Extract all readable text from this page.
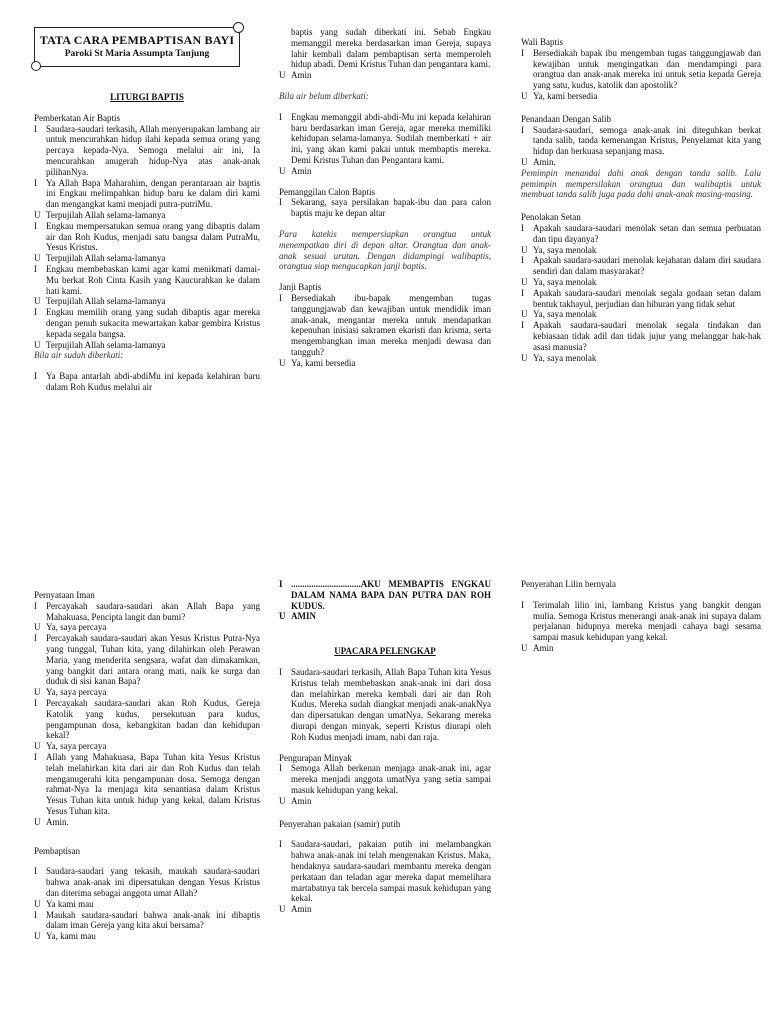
TATA CARA PEMBAPTISAN BAYI
Paroki St Maria Assumpta Tanjung
LITURGI BAPTIS
Pemberkatan Air Baptis
I	Saudara-saudari terkasih, Allah menyerupakan lambang air untuk mencurahkan hidup ilahi kepada semua orang yang percaya kepada-Nya. Semoga melalui air ini, Ia mencurahkan anugerah hidup-Nya atas anak-anak pilihanNya.
I	Ya Allah Bapa Maharahim, dengan perantaraan air baptis ini Engkau melimpahkan hidup baru ke dalam diri kami dan mengangkat kami menjadi putra-putriMu.
U Terpujilah Allah selama-lamanya
I	Engkau mempersatukan semua orang yang dibaptis dalam air dan Roh Kudus, menjadi satu bangsa dalam PutraMu, Yesus Kristus.
U Terpujilah Allah selama-lamanya
I	Engkau membebaskan kami agar kami menikmati damai-Mu berkat Roh Cinta Kasih yang Kaucurahkan ke dalam hati kami.
U Terpujilah Allah selama-lamanya
I	Engkau memilih orang yang sudah dibaptis agar mereka dengan penuh sukacita mewartakan kabar gembira Kristus kepada segala bangsa.
U Terpujilah Allah selama-lamanya
Bila air sudah diberkati:
I	Ya Bapa antarlah abdi-abdiMu ini kepada kelahiran baru dalam Roh Kudus melalui air
baptis yang sudah diberkati ini. Sebab Engkau memanggil mereka berdasarkan iman Gereja, supaya lahir kembali dalam pembaptisan serta memperoleh hidup abadi. Demi Kristus Tuhan dan pengantara kami.
U Amin
Bila air belum diberkati:
I	Engkau memanggil abdi-abdi-Mu ini kepada kelahiran baru berdasarkan iman Gereja, agar mereka memiliki kehidupan selama-lamanya. Sudilah memberkati + air ini, yang akan kami pakai untuk membaptis mereka. Demi Kristus Tuhan dan Pengantara kami.
U Amin
Pemanggilan Calon Baptis
I	Sekarang, saya persilakan bapak-ibu dan para calon baptis maju ke depan altar
Para katekis mempersiapkan orangtua untuk menempatkan diri di depan altar. Orangtua dan anak-anak sesuai urutan. Dengan didampingi walibaptis, orangtua siap mengucapkan janji baptis.
Janji Baptis
I	Bersediakah ibu-bapak mengemban tugas tanggungjawab dan kewajiban untuk mendidik iman anak-anak, mengantar mereka untuk mendapatkan kepenuhan inisiasi sakramen ekaristi dan krisma, serta mengembangkan iman mereka menjadi dewasa dan tangguh?
U Ya, kami bersedia
Wali Baptis
I	Bersediakah bapak ibu mengemban tugas tanggungjawab dan kewajiban untuk mengingatkan dan mendampingi para orangtua dan anak-anak mereka ini untuk setia kepada Gereja yang satu, kudus, katolik dan apostolik?
U Ya, kami bersedia
Penandaan Dengan Salib
I	Saudara-saudari, semoga anak-anak ini diteguhkan berkat tanda salib, tanda kemenangan Kristus, Penyelamat kita yang hidup dan berkuasa sepanjang masa.
U Amin.
Pemimpin menandai dahi anak dengan tanda salib. Lalu pemimpin mempersilakan orangtua dan walibaptis untuk membuat tanda salib juga pada dahi anak-anak masing-masing.
Penolakan Setan
I	Apakah saudara-saudari menolak setan dan semua perbuatan dan tipu dayanya?
U Ya, saya menolak
I	Apakah saudara-saudari menolak kejahatan dalam diri saudara sendiri dan dalam masyarakat?
U Ya, saya menolak
I	Apakah saudara-saudari menolak segala godaan setan dalam bentuk takhayul, perjudian dan hiburan yang tidak sehat
U Ya, saya menolak
I	Apakah saudara-saudari menolak segala tindakan dan kebiasaan tidak adil dan tidak jujur yang melanggar hak-hak asasi manusia?
U Ya, saya menolak
Pernyataan Iman
I	Percayakah saudara-saudari akan Allah Bapa yang Mahakuasa, Pencipta langit dan bumi?
U Ya, saya percaya
I	Percayakah saudara-saudari akan Yesus Kristus Putra-Nya yang tunggal, Tuhan kita, yang dilahirkan oleh Perawan Maria, yang menderita sengsara, wafat dan dimakamkan, yang bangkit dari antara orang mati, naik ke surga dan duduk di sisi kanan Bapa?
U Ya, saya percaya
I	Percayakah saudara-saudari akan Roh Kudus, Gereja Katolik yang kudus, persekutuan para kudus, pengampunan dosa, kebangkitan badan dan kehidupan kekal?
U Ya, saya percaya
I	Allah yang Mahakuasa, Bapa Tuhan kita Yesus Kristus telah melahirkan kita dari air dan Roh Kudus dan telah menganugerahi kita pengampunan dosa. Semoga dengan rahmat-Nya Ia menjaga kita senantiasa dalam Kristus Yesus Tuhan kita untuk hidup yang kekal, dalam Kristus Yesus Tuhan kita.
U Amin.
Pembaptisan
I	Saudara-saudari yang tekasih, maukah saudara-saudari bahwa anak-anak ini dipersatukan dengan Yesus Kristus dan diterima sebagai anggota umat Allah?
U Ya kami mau
I	Maukah saudara-saudari bahwa anak-anak ini dibaptis dalam iman Gereja yang kita akui bersama?
U Ya, kami mau
I ...............................AKU MEMBAPTIS ENGKAU DALAM NAMA BAPA DAN PUTRA DAN ROH KUDUS.
U AMIN
UPACARA PELENGKAP
I	Saudara-saudari terkasih, Allah Bapa Tuhan kita Yesus Kristus telah membebaskan anak-anak ini dari dosa dan melahirkan mereka kembali dari air dan Roh Kudus. Mereka sudah diangkat menjadi anak-anakNya dan dipersatukan dengan umatNya. Sekarang mereka diurapi dengan minyak, seperti Kristus diurapi oleh Roh Kudus menjadi imam, nabi dan raja.
Pengurapan Minyak
I	Semoga Allah berkenan menjaga anak-anak ini, agar mereka menjadi anggota umatNya yang setia sampai masuk kehidupan yang kekal.
U Amin
Penyerahan pakaian (samir) putih
I	Saudara-saudari, pakaian putih ini melambangkan bahwa anak-anak ini telah mengenakan Kristus. Maka, hendaknya saudara-saudari membantu mereka dengan perkataan dan teladan agar mereka dapat memelihara martabatnya tak bercela sampai masuk kehidupan yang kekal.
U Amin
Penyerahan Lilin bernyala
I	Terimalah lilin ini, lambang Kristus yang bangkit dengan mulia. Semoga Kristus menerangi anak-anak ini supaya dalam perjalanan hidupnya mereka menjadi cahaya bagi sesama sampai masuk kehidupan yang kekal.
U Amin
